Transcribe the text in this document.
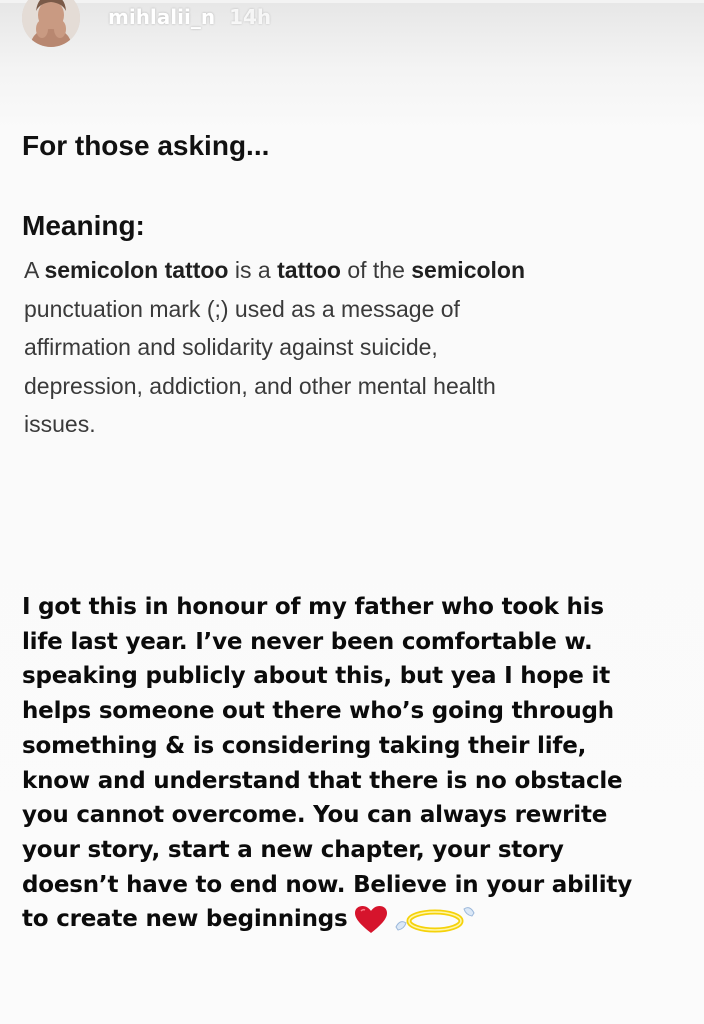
mihlalii_n 14h
For those asking...
Meaning:
A semicolon tattoo is a tattoo of the semicolon
punctuation mark (;) used as a message of
affirmation and solidarity against suicide,
depression, addiction, and other mental health
issues.
I got this in honour of my father who took his
life last year. I’ve never been comfortable w.
speaking publicly about this, but yea I hope it
helps someone out there who’s going through
something & is considering taking their life,
know and understand that there is no obstacle
you cannot overcome. You can always rewrite
your story, start a new chapter, your story
doesn’t have to end now. Believe in your ability
to create new beginnings
